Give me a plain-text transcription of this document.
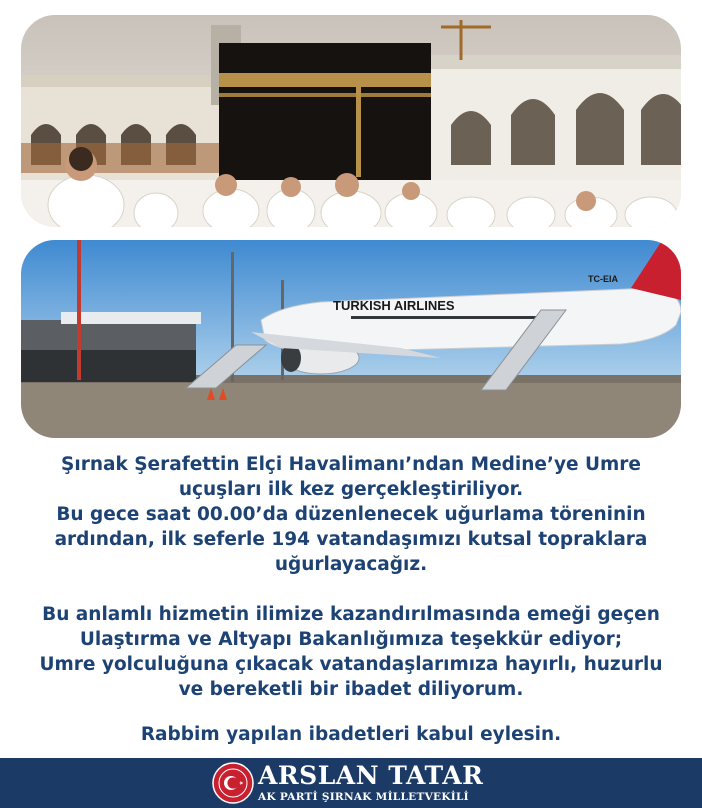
TURKISH AIRLINES
TC-EIA

Şırnak Şerafettin Elçi Havalimanı’ndan Medine’ye Umre

uçuşları ilk kez gerçekleştiriliyor.

Bu gece saat 00.00’da düzenlenecek uğurlama töreninin

ardından, ilk seferle 194 vatandaşımızı kutsal topraklara

uğurlayacağız.

Bu anlamlı hizmetin ilimize kazandırılmasında emeği geçen

Ulaştırma ve Altyapı Bakanlığımıza teşekkür ediyor;

Umre yolculuğuna çıkacak vatandaşlarımıza hayırlı, huzurlu

ve bereketli bir ibadet diliyorum.

Rabbim yapılan ibadetleri kabul eylesin.

ARSLAN TATAR
AK PARTİ ŞIRNAK MİLLETVEKİLİ
